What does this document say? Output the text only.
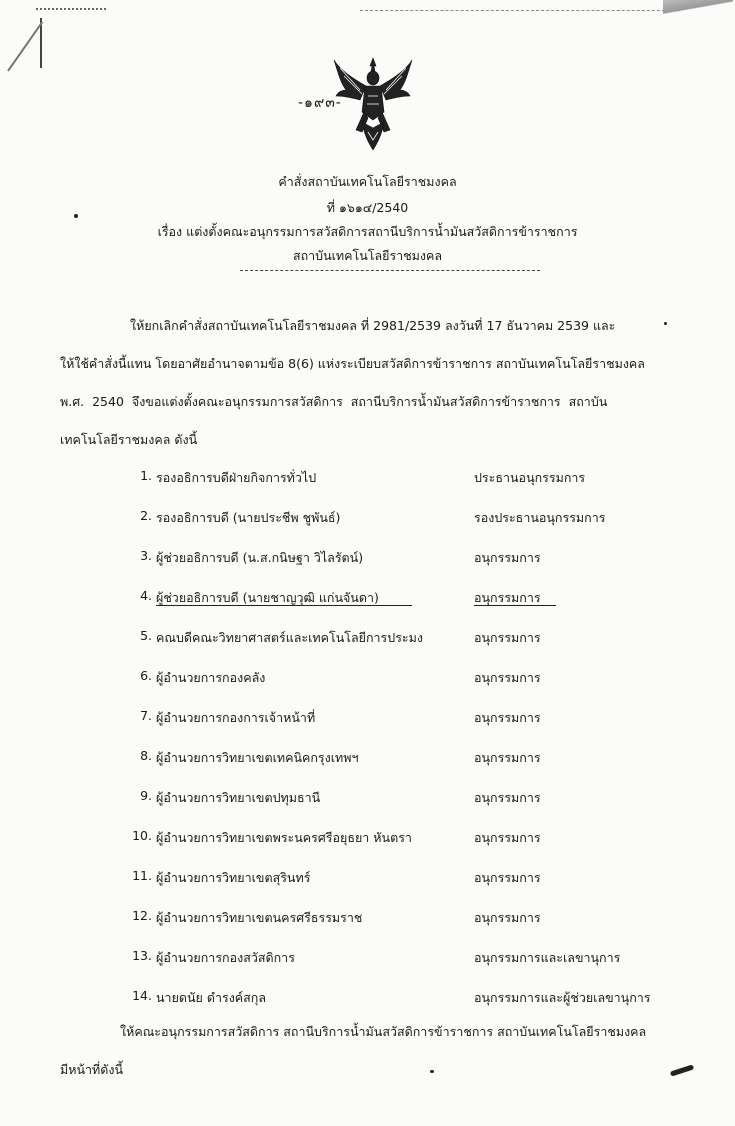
-๑๙๓-
คำสั่งสถาบันเทคโนโลยีราชมงคล
ที่ ๑๖๑๔/2540
เรื่อง แต่งตั้งคณะอนุกรรมการสวัสดิการสถานีบริการน้ำมันสวัสดิการข้าราชการ
สถาบันเทคโนโลยีราชมงคล
ให้ยกเลิกคำสั่งสถาบันเทคโนโลยีราชมงคล ที่ 2981/2539 ลงวันที่ 17 ธันวาคม 2539 และ
ให้ใช้คำสั่งนี้แทน โดยอาศัยอำนาจตามข้อ 8(6) แห่งระเบียบสวัสดิการข้าราชการ สถาบันเทคโนโลยีราชมงคล
พ.ศ. 2540 จึงขอแต่งตั้งคณะอนุกรรมการสวัสดิการ สถานีบริการน้ำมันสวัสดิการข้าราชการ สถาบัน
เทคโนโลยีราชมงคล ดังนี้
1. รองอธิการบดีฝ่ายกิจการทั่วไป	ประธานอนุกรรมการ
2. รองอธิการบดี (นายประชีพ ชูพันธ์)	รองประธานอนุกรรมการ
3. ผู้ช่วยอธิการบดี (น.ส.กนิษฐา วิไลรัตน์)	อนุกรรมการ
4. ผู้ช่วยอธิการบดี (นายชาญวุฒิ แก่นจันดา)	อนุกรรมการ
5. คณบดีคณะวิทยาศาสตร์และเทคโนโลยีการประมง	อนุกรรมการ
6. ผู้อำนวยการกองคลัง	อนุกรรมการ
7. ผู้อำนวยการกองการเจ้าหน้าที่	อนุกรรมการ
8. ผู้อำนวยการวิทยาเขตเทคนิคกรุงเทพฯ	อนุกรรมการ
9. ผู้อำนวยการวิทยาเขตปทุมธานี	อนุกรรมการ
10. ผู้อำนวยการวิทยาเขตพระนครศรีอยุธยา หันตรา	อนุกรรมการ
11. ผู้อำนวยการวิทยาเขตสุรินทร์	อนุกรรมการ
12. ผู้อำนวยการวิทยาเขตนครศรีธรรมราช	อนุกรรมการ
13. ผู้อำนวยการกองสวัสดิการ	อนุกรรมการและเลขานุการ
14. นายดนัย ดำรงค์สกุล	อนุกรรมการและผู้ช่วยเลขานุการ
ให้คณะอนุกรรมการสวัสดิการ สถานีบริการน้ำมันสวัสดิการข้าราชการ สถาบันเทคโนโลยีราชมงคล
มีหน้าที่ดังนี้
